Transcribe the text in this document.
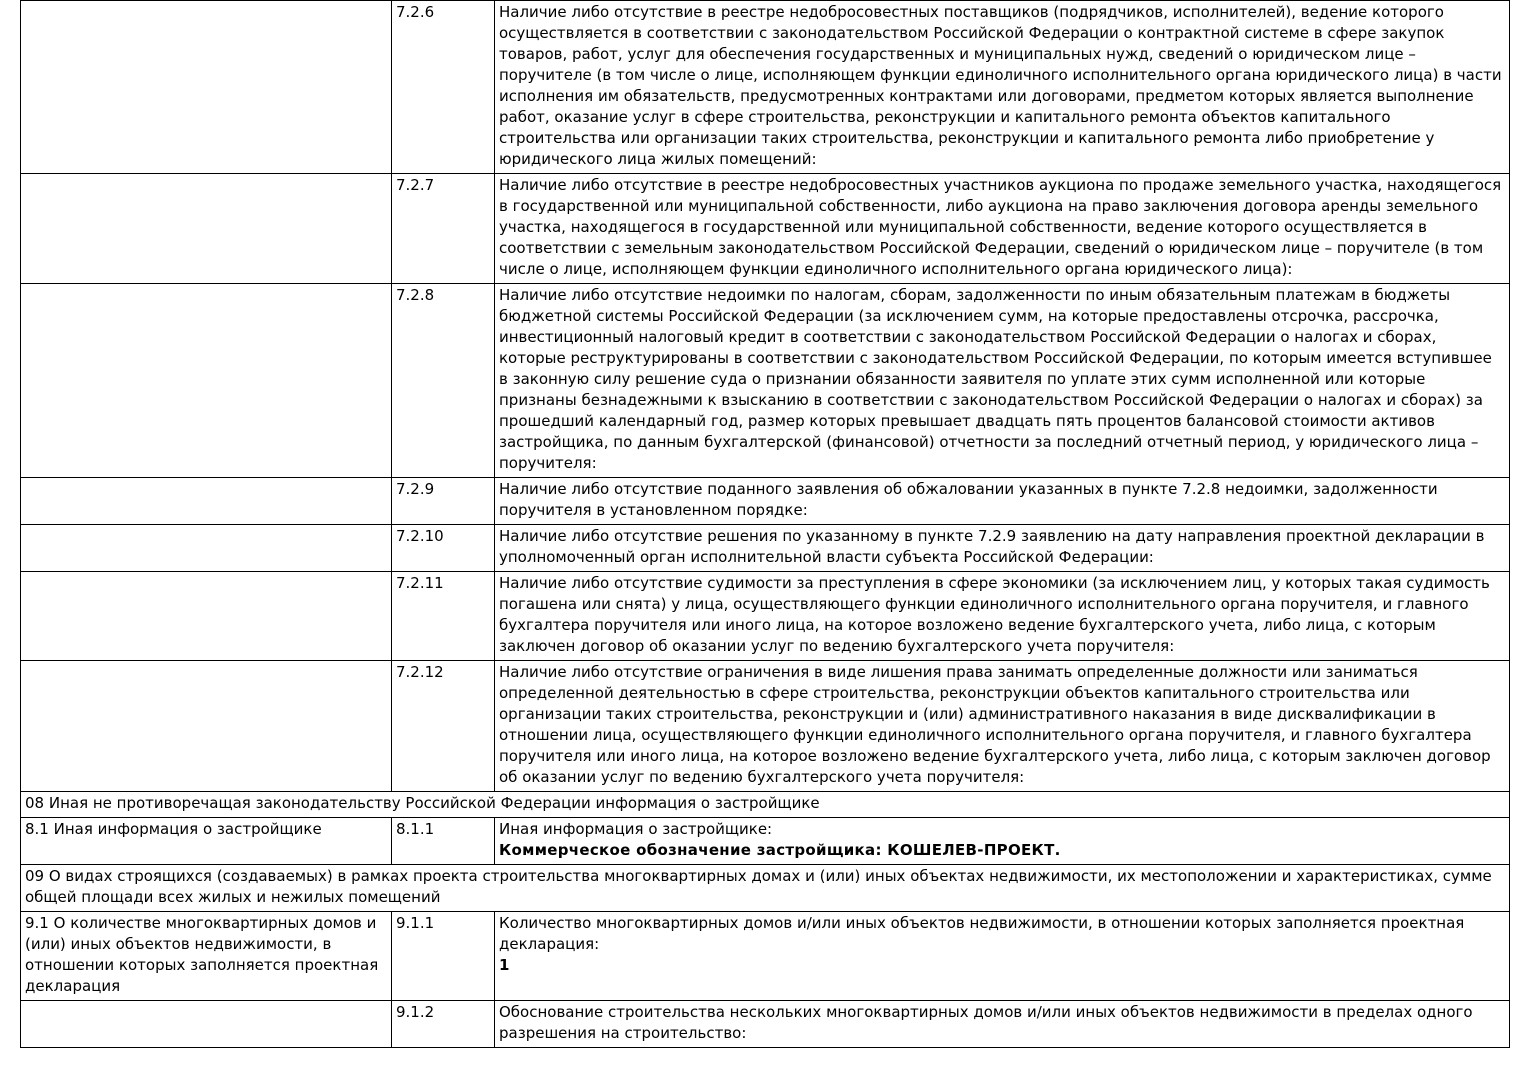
	7.2.6	Наличие либо отсутствие в реестре недобросовестных поставщиков (подрядчиков, исполнителей), ведение которого осуществляется в соответствии с законодательством Российской Федерации о контрактной системе в сфере закупок товаров, работ, услуг для обеспечения государственных и муниципальных нужд, сведений о юридическом лице – поручителе (в том числе о лице, исполняющем функции единоличного исполнительного органа юридического лица) в части исполнения им обязательств, предусмотренных контрактами или договорами, предметом которых является выполнение работ, оказание услуг в сфере строительства, реконструкции и капитального ремонта объектов капитального строительства или организации таких строительства, реконструкции и капитального ремонта либо приобретение у юридического лица жилых помещений:

	7.2.7	Наличие либо отсутствие в реестре недобросовестных участников аукциона по продаже земельного участка, находящегося в государственной или муниципальной собственности, либо аукциона на право заключения договора аренды земельного участка, находящегося в государственной или муниципальной собственности, ведение которого осуществляется в соответствии с земельным законодательством Российской Федерации, сведений о юридическом лице – поручителе (в том числе о лице, исполняющем функции единоличного исполнительного органа юридического лица):

	7.2.8	Наличие либо отсутствие недоимки по налогам, сборам, задолженности по иным обязательным платежам в бюджеты бюджетной системы Российской Федерации (за исключением сумм, на которые предоставлены отсрочка, рассрочка, инвестиционный налоговый кредит в соответствии с законодательством Российской Федерации о налогах и сборах, которые реструктурированы в соответствии с законодательством Российской Федерации, по которым имеется вступившее в законную силу решение суда о признании обязанности заявителя по уплате этих сумм исполненной или которые признаны безнадежными к взысканию в соответствии с законодательством Российской Федерации о налогах и сборах) за прошедший календарный год, размер которых превышает двадцать пять процентов балансовой стоимости активов застройщика, по данным бухгалтерской (финансовой) отчетности за последний отчетный период, у юридического лица – поручителя:

	7.2.9	Наличие либо отсутствие поданного заявления об обжаловании указанных в пункте 7.2.8 недоимки, задолженности поручителя в установленном порядке:

	7.2.10	Наличие либо отсутствие решения по указанному в пункте 7.2.9 заявлению на дату направления проектной декларации в уполномоченный орган исполнительной власти субъекта Российской Федерации:

	7.2.11	Наличие либо отсутствие судимости за преступления в сфере экономики (за исключением лиц, у которых такая судимость погашена или снята) у лица, осуществляющего функции единоличного исполнительного органа поручителя, и главного бухгалтера поручителя или иного лица, на которое возложено ведение бухгалтерского учета, либо лица, с которым заключен договор об оказании услуг по ведению бухгалтерского учета поручителя:

	7.2.12	Наличие либо отсутствие ограничения в виде лишения права занимать определенные должности или заниматься определенной деятельностью в сфере строительства, реконструкции объектов капитального строительства или организации таких строительства, реконструкции и (или) административного наказания в виде дисквалификации в отношении лица, осуществляющего функции единоличного исполнительного органа поручителя, и главного бухгалтера поручителя или иного лица, на которое возложено ведение бухгалтерского учета, либо лица, с которым заключен договор об оказании услуг по ведению бухгалтерского учета поручителя:

08 Иная не противоречащая законодательству Российской Федерации информация о застройщике		
8.1 Иная информация о застройщике	8.1.1	Иная информация о застройщике:
Коммерческое обозначение застройщика: КОШЕЛЕВ-ПРОЕКТ.

09 О видах строящихся (создаваемых) в рамках проекта строительства многоквартирных домах и (или) иных объектах недвижимости, их местоположении и характеристиках, сумме общей площади всех жилых и нежилых помещений		
9.1 О количестве многоквартирных домов и (или) иных объектов недвижимости, в отношении которых заполняется проектная декларация	9.1.1	Количество многоквартирных домов и/или иных объектов недвижимости, в отношении которых заполняется проектная декларация:
1

	9.1.2	Обоснование строительства нескольких многоквартирных домов и/или иных объектов недвижимости в пределах одного разрешения на строительство:
